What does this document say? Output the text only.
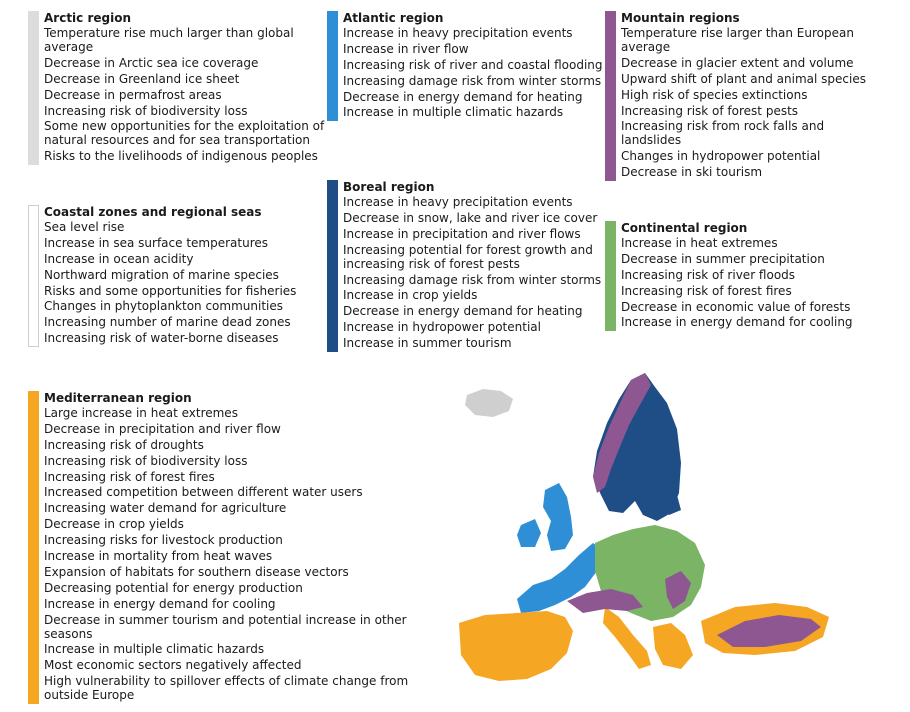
Arctic region
Temperature rise much larger than global average
Decrease in Arctic sea ice coverage
Decrease in Greenland ice sheet
Decrease in permafrost areas
Increasing risk of biodiversity loss
Some new opportunities for the exploitation of natural resources and for sea transportation
Risks to the livelihoods of indigenous peoples
Atlantic region
Increase in heavy precipitation events
Increase in river flow
Increasing risk of river and coastal flooding
Increasing damage risk from winter storms
Decrease in energy demand for heating
Increase in multiple climatic hazards
Mountain regions
Temperature rise larger than European average
Decrease in glacier extent and volume
Upward shift of plant and animal species
High risk of species extinctions
Increasing risk of forest pests
Increasing risk from rock falls and landslides
Changes in hydropower potential
Decrease in ski tourism
Coastal zones and regional seas
Sea level rise
Increase in sea surface temperatures
Increase in ocean acidity
Northward migration of marine species
Risks and some opportunities for fisheries
Changes in phytoplankton communities
Increasing number of marine dead zones
Increasing risk of water-borne diseases
Boreal region
Increase in heavy precipitation events
Decrease in snow, lake and river ice cover
Increase in precipitation and river flows
Increasing potential for forest growth and increasing risk of forest pests
Increasing damage risk from winter storms
Increase in crop yields
Decrease in energy demand for heating
Increase in hydropower potential
Increase in summer tourism
Continental region
Increase in heat extremes
Decrease in summer precipitation
Increasing risk of river floods
Increasing risk of forest fires
Decrease in economic value of forests
Increase in energy demand for cooling
Mediterranean region
Large increase in heat extremes
Decrease in precipitation and river flow
Increasing risk of droughts
Increasing risk of biodiversity loss
Increasing risk of forest fires
Increased competition between different water users
Increasing water demand for agriculture
Decrease in crop yields
Increasing risks for livestock production
Increase in mortality from heat waves
Expansion of habitats for southern disease vectors
Decreasing potential for energy production
Increase in energy demand for cooling
Decrease in summer tourism and potential increase in other seasons
Increase in multiple climatic hazards
Most economic sectors negatively affected
High vulnerability to spillover effects of climate change from outside Europe
